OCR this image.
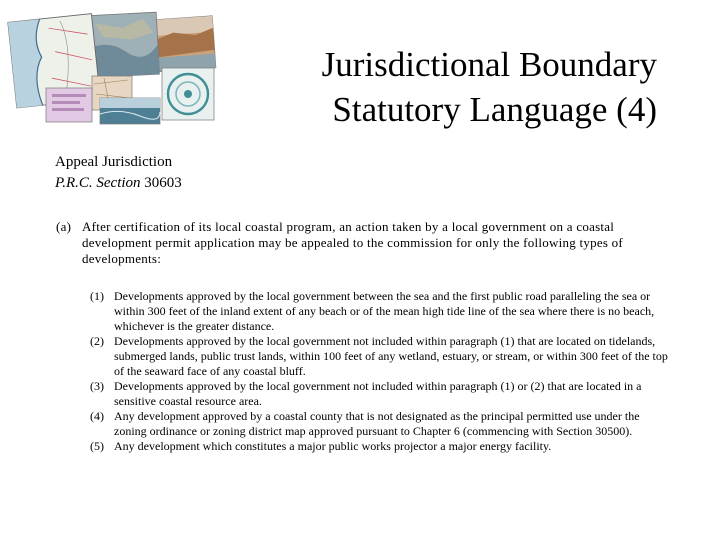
Jurisdictional Boundary
Statutory Language (4)
Appeal Jurisdiction
P.R.C. Section 30603
(a) After certification of its local coastal program, an action taken by a local government on a coastal development permit application may be appealed to the commission for only the following types of developments:
(1) Developments approved by the local government between the sea and the first public road paralleling the sea or within 300 feet of the inland extent of any beach or of the mean high tide line of the sea where there is no beach, whichever is the greater distance.
(2) Developments approved by the local government not included within paragraph (1) that are located on tidelands, submerged lands, public trust lands, within 100 feet of any wetland, estuary, or stream, or within 300 feet of the top of the seaward face of any coastal bluff.
(3) Developments approved by the local government not included within paragraph (1) or (2) that are located in a sensitive coastal resource area.
(4) Any development approved by a coastal county that is not designated as the principal permitted use under the zoning ordinance or zoning district map approved pursuant to Chapter 6 (commencing with Section 30500).
(5) Any development which constitutes a major public works projector a major energy facility.
